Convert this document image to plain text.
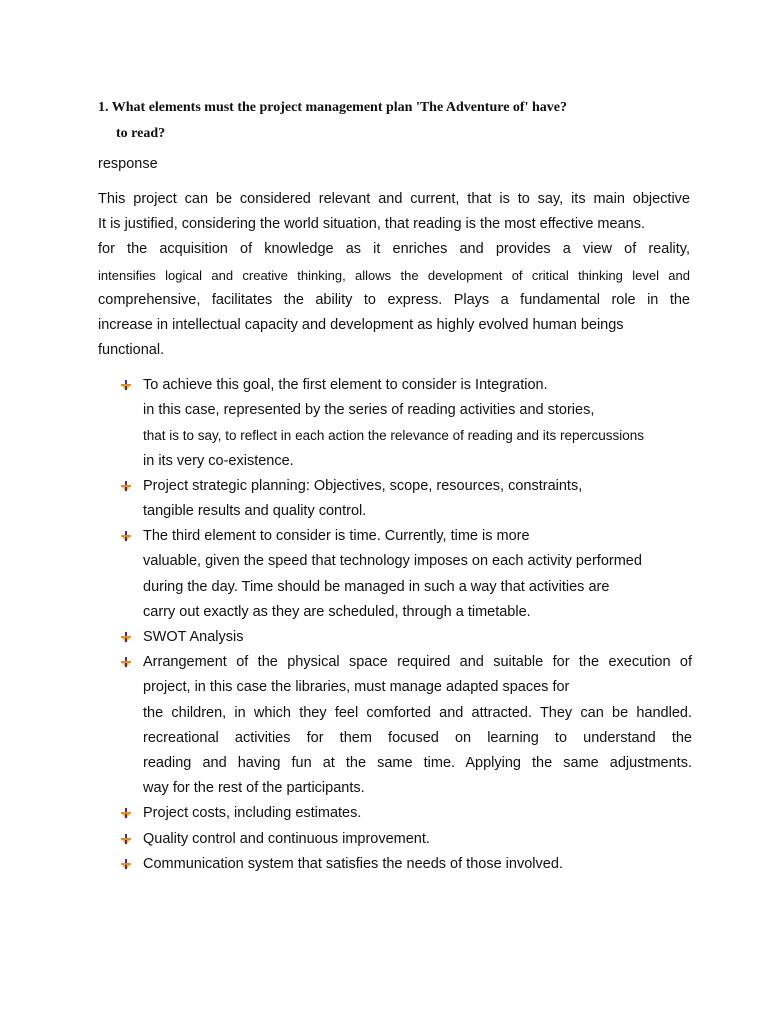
1. What elements must the project management plan 'The Adventure of' have?
to read?
response
This project can be considered relevant and current, that is to say, its main objective
It is justified, considering the world situation, that reading is the most effective means.
for the acquisition of knowledge as it enriches and provides a view of reality,
intensifies logical and creative thinking, allows the development of critical thinking level and
comprehensive, facilitates the ability to express. Plays a fundamental role in the
increase in intellectual capacity and development as highly evolved human beings
functional.
To achieve this goal, the first element to consider is Integration.
in this case, represented by the series of reading activities and stories,
that is to say, to reflect in each action the relevance of reading and its repercussions
in its very co-existence.
Project strategic planning: Objectives, scope, resources, constraints,
tangible results and quality control.
The third element to consider is time. Currently, time is more
valuable, given the speed that technology imposes on each activity performed
during the day. Time should be managed in such a way that activities are
carry out exactly as they are scheduled, through a timetable.
SWOT Analysis
Arrangement of the physical space required and suitable for the execution of
project, in this case the libraries, must manage adapted spaces for
the children, in which they feel comforted and attracted. They can be handled.
recreational activities for them focused on learning to understand the
reading and having fun at the same time. Applying the same adjustments.
way for the rest of the participants.
Project costs, including estimates.
Quality control and continuous improvement.
Communication system that satisfies the needs of those involved.
